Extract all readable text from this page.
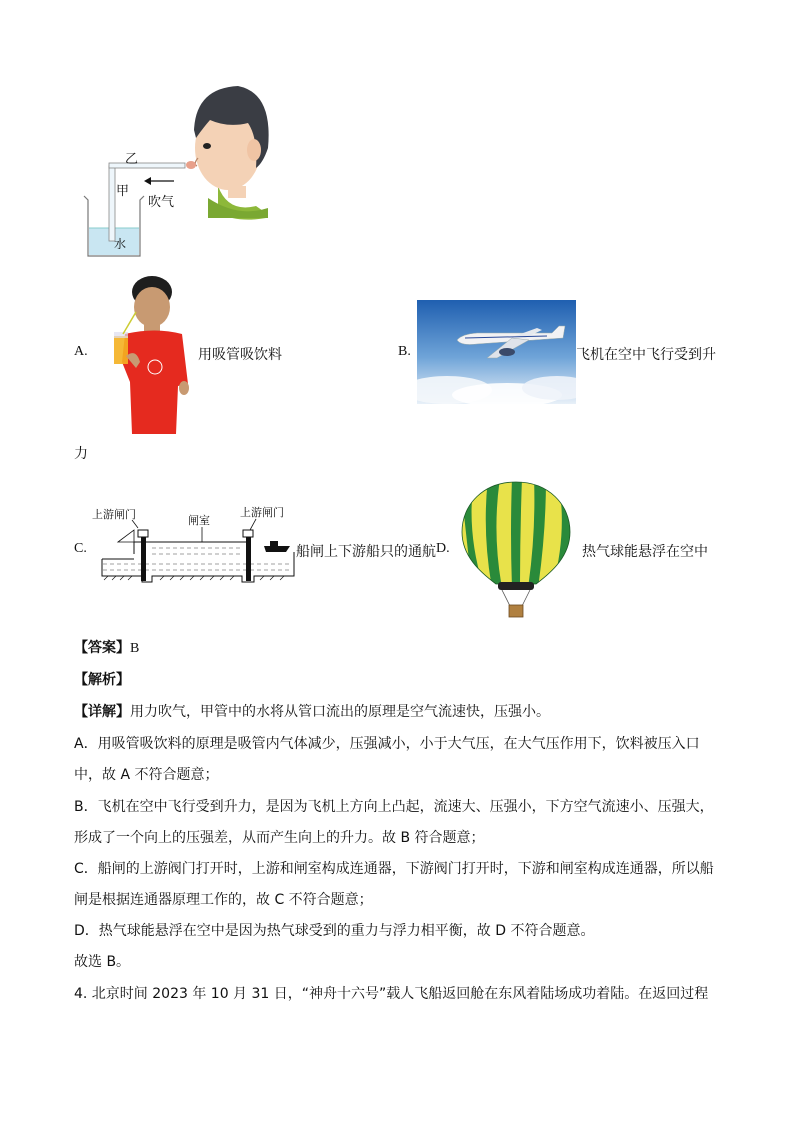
乙
甲
吹气
水
A.	用吸管吸饮料	B.	飞机在空中飞行受到升
力
C.
上游闸门	闸室
上游闸门
船闸上下游船只的通航 D.	热气球能悬浮在空中
【答案】B
【解析】
【详解】用力吹气，甲管中的水将从管口流出的原理是空气流速快，压强小。
A．用吸管吸饮料的原理是吸管内气体减少，压强减小，小于大气压，在大气压作用下，饮料被压入口
中，故 A 不符合题意；
B．飞机在空中飞行受到升力，是因为飞机上方向上凸起，流速大、压强小，下方空气流速小、压强大，
形成了一个向上的压强差，从而产生向上的升力。故 B 符合题意；
C．船闸的上游阀门打开时，上游和闸室构成连通器，下游阀门打开时，下游和闸室构成连通器，所以船
闸是根据连通器原理工作的，故 C 不符合题意；
D．热气球能悬浮在空中是因为热气球受到的重力与浮力相平衡，故 D 不符合题意。
故选 B。
4. 北京时间 2023 年 10 月 31 日，“神舟十六号”载人飞船返回舱在东风着陆场成功着陆。在返回过程
